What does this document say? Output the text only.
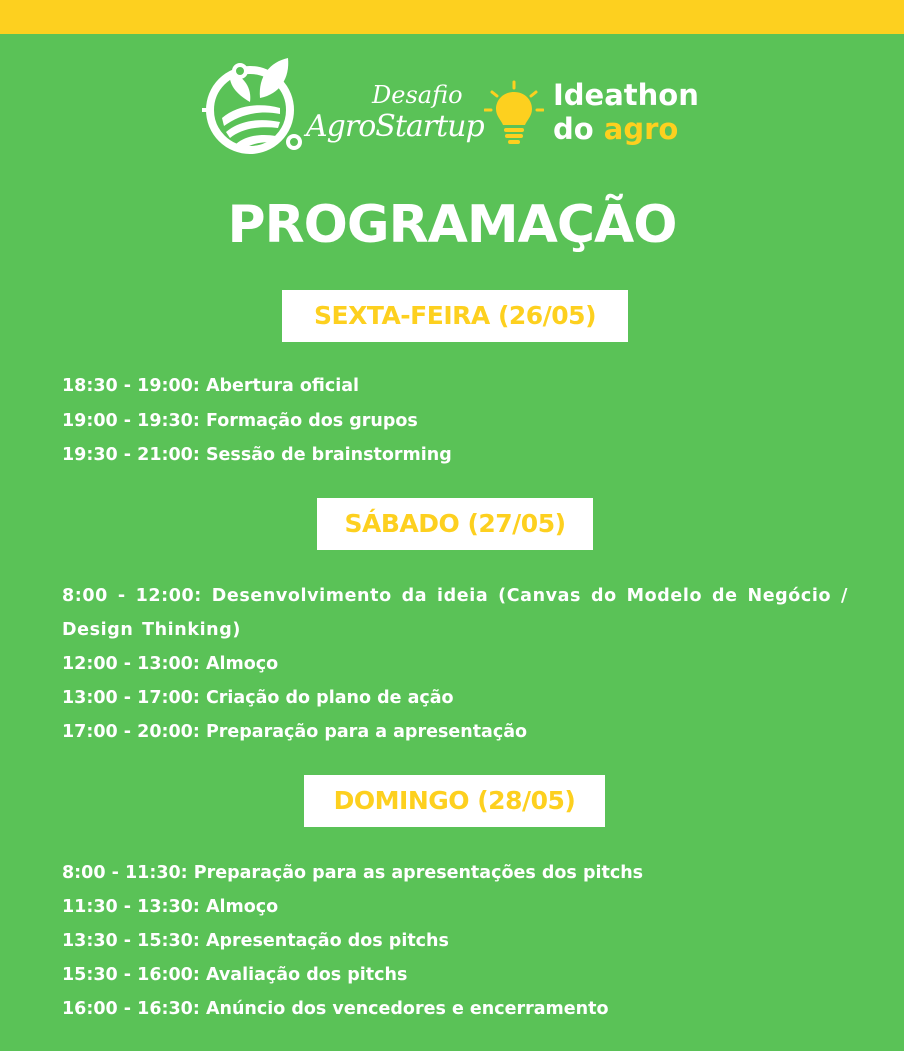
Desafio
AgroStartup
Ideathon
do agro
PROGRAMAÇÃO
SEXTA-FEIRA (26/05)
18:30 - 19:00: Abertura oficial
19:00 - 19:30: Formação dos grupos
19:30 - 21:00: Sessão de brainstorming
SÁBADO (27/05)
8:00 - 12:00: Desenvolvimento da ideia (Canvas do Modelo de Negócio / Design Thinking)
12:00 - 13:00: Almoço
13:00 - 17:00: Criação do plano de ação
17:00 - 20:00: Preparação para a apresentação
DOMINGO (28/05)
8:00 - 11:30: Preparação para as apresentações dos pitchs
11:30 - 13:30: Almoço
13:30 - 15:30: Apresentação dos pitchs
15:30 - 16:00: Avaliação dos pitchs
16:00 - 16:30: Anúncio dos vencedores e encerramento
